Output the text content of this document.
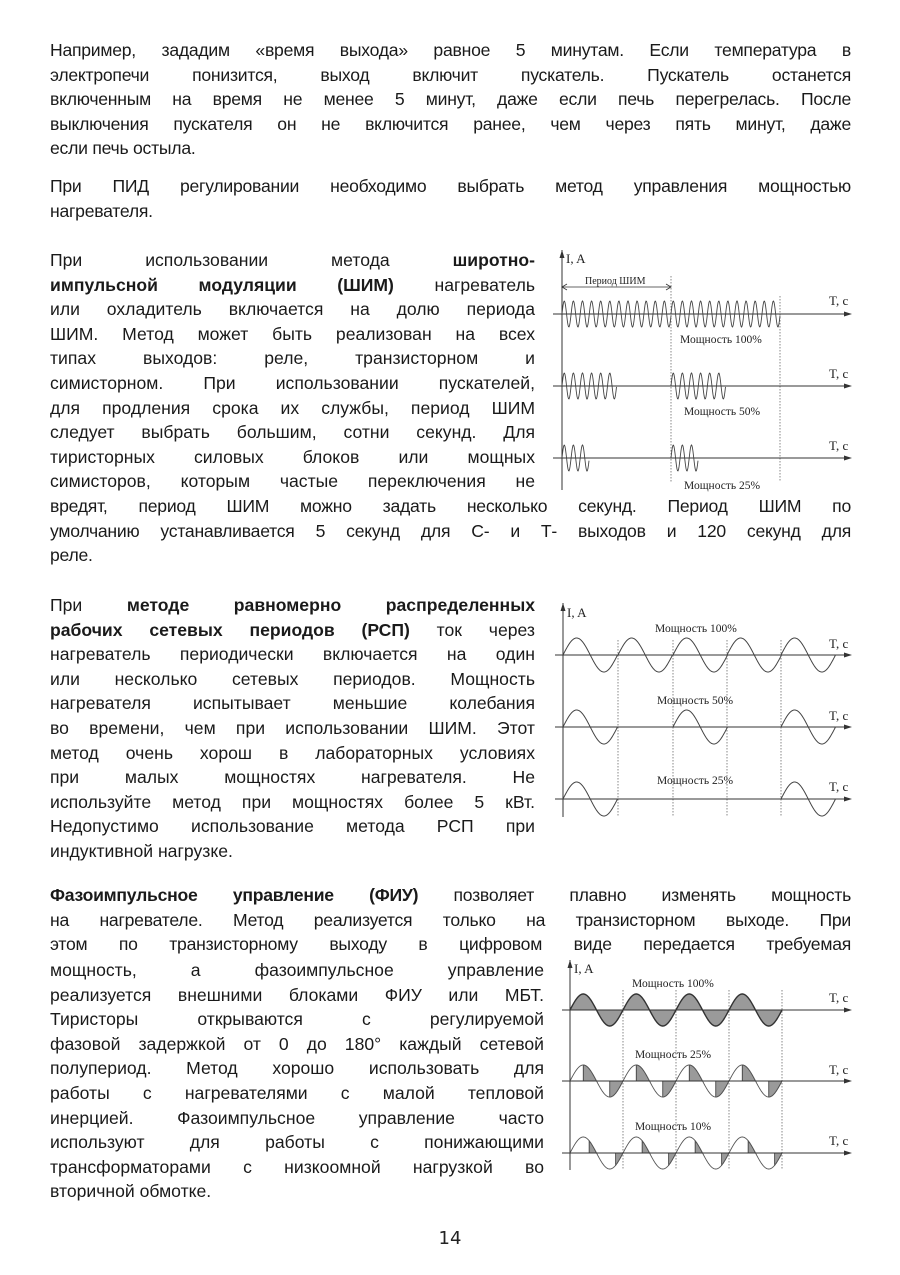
Например, зададим «время выхода» равное 5 минутам. Если температура в
электропечи понизится, выход включит пускатель. Пускатель останется
включенным на время не менее 5 минут, даже если печь перегрелась. После
выключения пускателя он не включится ранее, чем через пять минут, даже
если печь остыла.
При ПИД регулировании необходимо выбрать метод управления мощностью
нагревателя.
При использовании метода широтно-
импульсной модуляции (ШИМ) нагреватель
или охладитель включается на долю периода
ШИМ. Метод может быть реализован на всех
типах выходов: реле, транзисторном и
симисторном. При использовании пускателей,
для продления срока их службы, период ШИМ
следует выбрать большим, сотни секунд. Для
тиристорных силовых блоков или мощных
симисторов, которым частые переключения не
вредят, период ШИМ можно задать несколько секунд. Период ШИМ по
умолчанию устанавливается 5 секунд для С- и Т- выходов и 120 секунд для
реле.
I, A
Период ШИМ
T, c
T, c
T, c
Мощность 100%
Мощность 50%
Мощность 25%
При методе равномерно распределенных
рабочих сетевых периодов (РСП) ток через
нагреватель периодически включается на один
или несколько сетевых периодов. Мощность
нагревателя испытывает меньшие колебания
во времени, чем при использовании ШИМ. Этот
метод очень хорош в лабораторных условиях
при малых мощностях нагревателя. Не
используйте метод при мощностях более 5 кВт.
Недопустимо использование метода РСП при
индуктивной нагрузке.
I, A
T, c
T, c
T, c
Мощность 100%
Мощность 50%
Мощность 25%
Фазоимпульсное управление (ФИУ) позволяет плавно изменять мощность
на нагревателе. Метод реализуется только на транзисторном выходе. При
этом по транзисторному выходу в цифровом виде передается требуемая
мощность, а фазоимпульсное управление
реализуется внешними блоками ФИУ или МБТ.
Тиристоры открываются с регулируемой
фазовой задержкой от 0 до 180° каждый сетевой
полупериод. Метод хорошо использовать для
работы с нагревателями с малой тепловой
инерцией. Фазоимпульсное управление часто
используют для работы с понижающими
трансформаторами с низкоомной нагрузкой во
вторичной обмотке.
I, A
T, c
T, c
T, c
Мощность 100%
Мощность 25%
Мощность 10%
14
